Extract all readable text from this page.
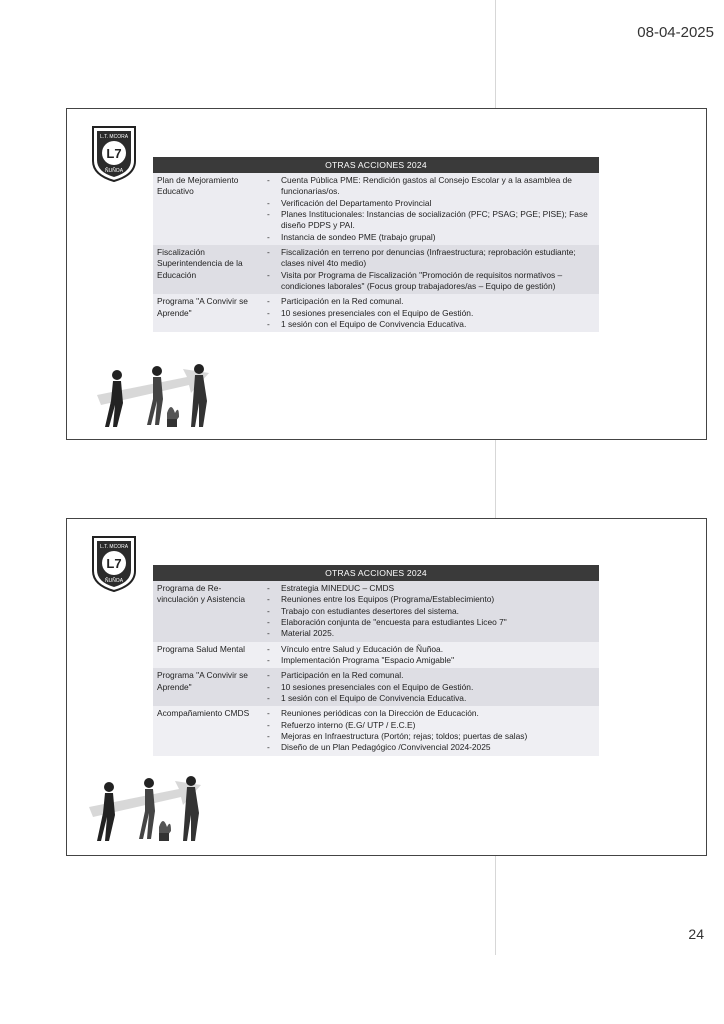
08-04-2025
L7
L.T. MCORA
ÑUÑOA
OTRAS ACCIONES 2024
Plan de Mejoramiento Educativo
- Cuenta Pública PME: Rendición gastos al Consejo Escolar y a la asamblea de funcionarias/os.
- Verificación del Departamento Provincial
- Planes Institucionales: Instancias de socialización (PFC; PSAG; PGE; PISE); Fase diseño PDPS y PAI.
- Instancia de sondeo PME (trabajo grupal)
Fiscalización Superintendencia de la Educación
- Fiscalización en terreno por denuncias (Infraestructura; reprobación estudiante; clases nivel 4to medio)
- Visita por Programa de Fiscalización "Promoción de requisitos normativos – condiciones laborales" (Focus group trabajadores/as – Equipo de gestión)
Programa "A Convivir se Aprende"
- Participación en la Red comunal.
- 10 sesiones presenciales con el Equipo de Gestión.
- 1 sesión con el Equipo de Convivencia Educativa.
L7
L.T. MCORA
ÑUÑOA
OTRAS ACCIONES 2024
Programa de Re-vinculación y Asistencia
- Estrategia MINEDUC – CMDS
- Reuniones entre los Equipos (Programa/Establecimiento)
- Trabajo con estudiantes desertores del sistema.
- Elaboración conjunta de "encuesta para estudiantes Liceo 7"
- Material 2025.
Programa Salud Mental	- Vínculo entre Salud y Educación de Ñuñoa.
- Implementación Programa "Espacio Amigable"
Programa "A Convivir se Aprende"
- Participación en la Red comunal.
- 10 sesiones presenciales con el Equipo de Gestión.
- 1 sesión con el Equipo de Convivencia Educativa.
Acompañamiento CMDS	- Reuniones periódicas con la Dirección de Educación.
- Refuerzo interno (E.G/ UTP / E.C.E)
- Mejoras en Infraestructura (Portón; rejas; toldos; puertas de salas)
- Diseño de un Plan Pedagógico /Convivencial 2024-2025
24
